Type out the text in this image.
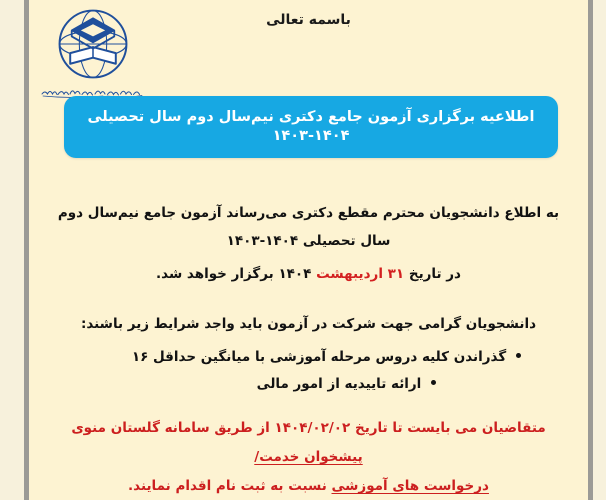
باسمه تعالی
اطلاعیه برگزاری آزمون جامع دکتری نیم‌سال دوم سال تحصیلی ۱۴۰۴-۱۴۰۳

به اطلاع دانشجویان محترم مقطع دکتری می‌رساند آزمون جامع نیم‌سال دوم سال تحصیلی ۱۴۰۴-۱۴۰۳

در تاریخ ۳۱ اردیبهشت ۱۴۰۴ برگزار خواهد شد.

دانشجویان گرامی جهت شرکت در آزمون باید واجد شرایط زیر باشند:

گذراندن کلیه دروس مرحله آموزشی با میانگین حداقل ۱۶
ارائه تاییدیه از امور مالی
متقاضیان می بایست تا تاریخ ۱۴۰۴/۰۲/۰۲ از طریق سامانه گلستان منوی پیشخوان خدمت/
درخواست های آموزشی نسبت به ثبت نام اقدام نمایند.
